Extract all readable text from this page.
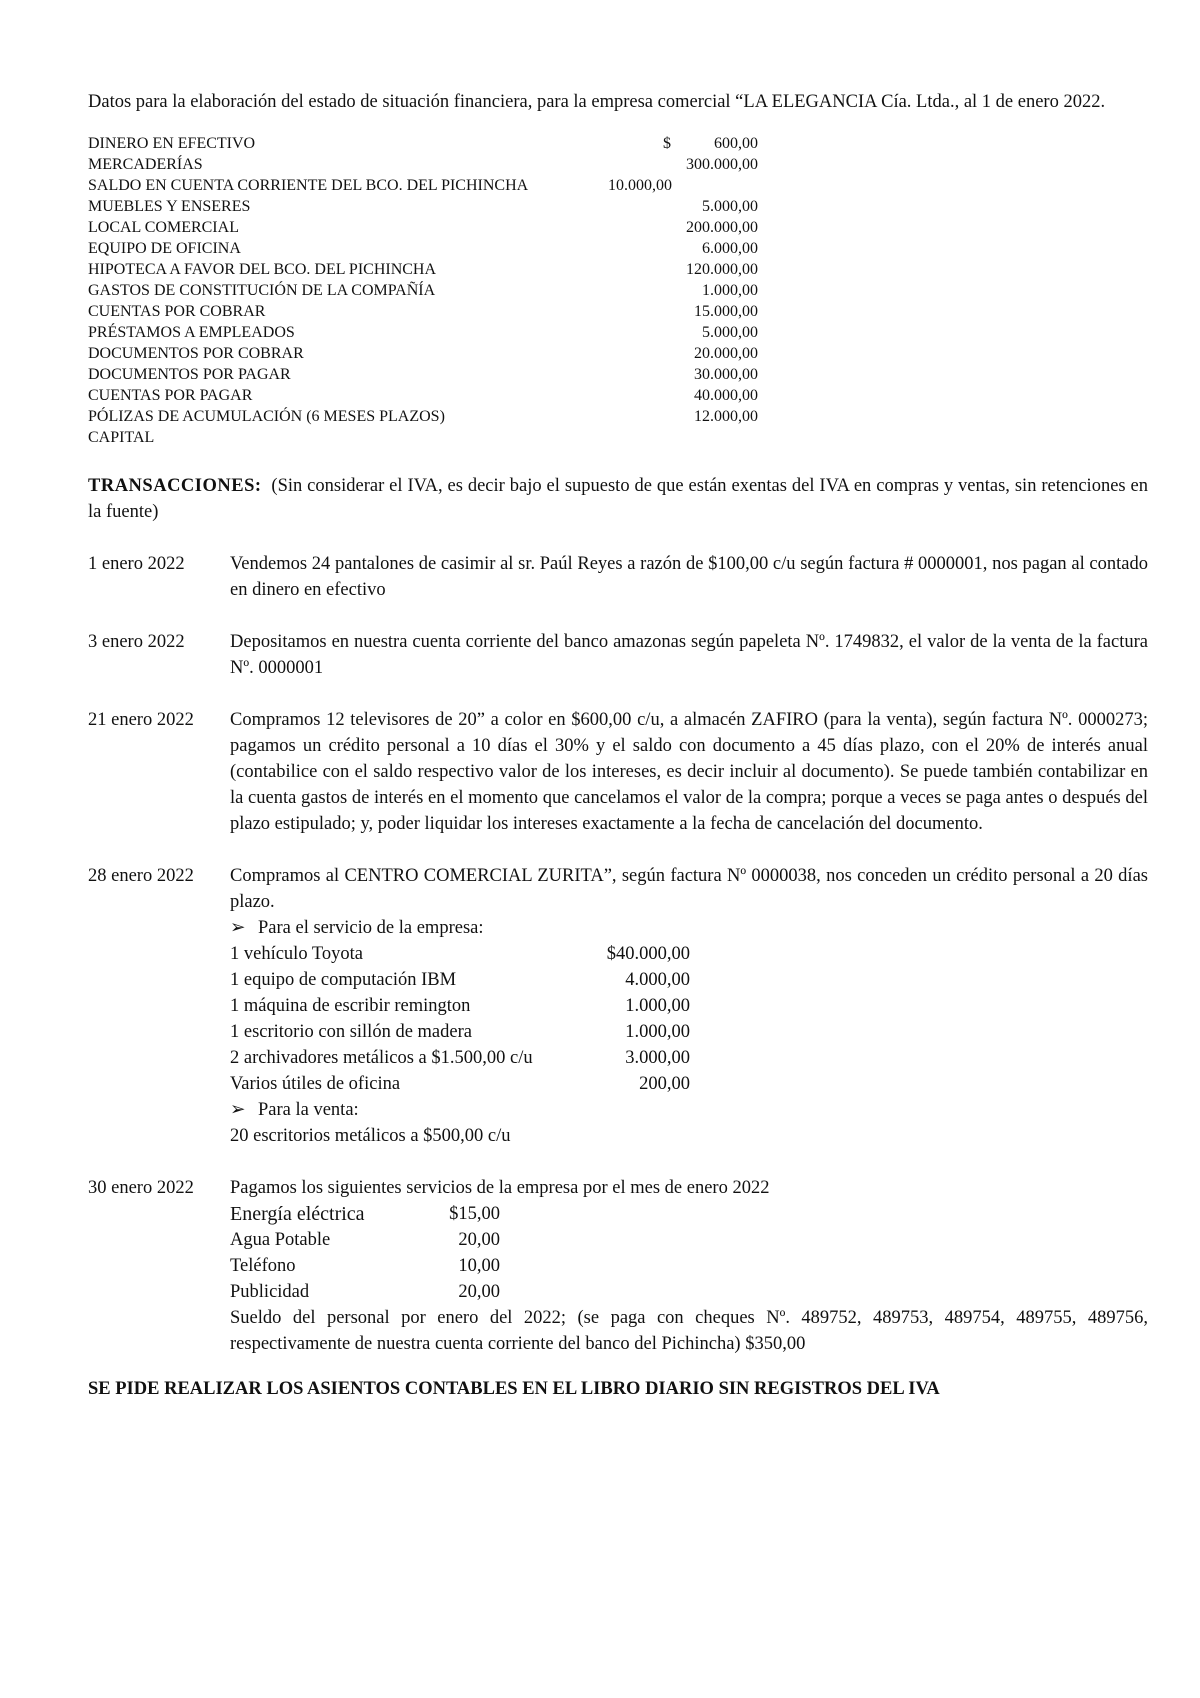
Datos para la elaboración del estado de situación financiera, para la empresa comercial “LA ELEGANCIA Cía. Ltda., al 1 de enero 2022.

DINERO EN EFECTIVO	$	600,00
MERCADERÍAS	300.000,00
SALDO EN CUENTA CORRIENTE DEL BCO. DEL PICHINCHA	10.000,00
MUEBLES Y ENSERES	5.000,00
LOCAL COMERCIAL	200.000,00
EQUIPO DE OFICINA	6.000,00
HIPOTECA A FAVOR DEL BCO. DEL PICHINCHA	120.000,00
GASTOS DE CONSTITUCIÓN DE LA COMPAÑÍA	1.000,00
CUENTAS POR COBRAR	15.000,00
PRÉSTAMOS A EMPLEADOS	5.000,00
DOCUMENTOS POR COBRAR	20.000,00
DOCUMENTOS POR PAGAR	30.000,00
CUENTAS POR PAGAR	40.000,00
PÓLIZAS DE ACUMULACIÓN (6 MESES PLAZOS)	12.000,00
CAPITAL
TRANSACCIONES: (Sin considerar el IVA, es decir bajo el supuesto de que están exentas del IVA en compras y ventas, sin retenciones en la fuente)
1 enero 2022 Vendemos 24 pantalones de casimir al sr. Paúl Reyes a razón de $100,00 c/u según factura # 0000001, nos pagan al contado en dinero en efectivo
3 enero 2022 Depositamos en nuestra cuenta corriente del banco amazonas según papeleta Nº. 1749832, el valor de la venta de la factura Nº. 0000001
21 enero 2022 Compramos 12 televisores de 20” a color en $600,00 c/u, a almacén ZAFIRO (para la venta), según factura Nº. 0000273; pagamos un crédito personal a 10 días el 30% y el saldo con documento a 45 días plazo, con el 20% de interés anual (contabilice con el saldo respectivo valor de los intereses, es decir incluir al documento). Se puede también contabilizar en la cuenta gastos de interés en el momento que cancelamos el valor de la compra; porque a veces se paga antes o después del plazo estipulado; y, poder liquidar los intereses exactamente a la fecha de cancelación del documento.
28 enero 2022 Compramos al CENTRO COMERCIAL ZURITA”, según factura Nº 0000038, nos conceden un crédito personal a 20 días plazo.
➢ Para el servicio de la empresa:
1 vehículo Toyota	$40.000,00
1 equipo de computación IBM	4.000,00
1 máquina de escribir remington	1.000,00
1 escritorio con sillón de madera	1.000,00
2 archivadores metálicos a $1.500,00 c/u	3.000,00
Varios útiles de oficina	200,00
➢ Para la venta:
20 escritorios metálicos a $500,00 c/u
30 enero 2022 Pagamos los siguientes servicios de la empresa por el mes de enero 2022
Energía eléctrica	$15,00
Agua Potable	20,00
Teléfono	10,00
Publicidad	20,00
Sueldo del personal por enero del 2022; (se paga con cheques Nº. 489752, 489753, 489754, 489755, 489756, respectivamente de nuestra cuenta corriente del banco del Pichincha) $350,00
SE PIDE REALIZAR LOS ASIENTOS CONTABLES EN EL LIBRO DIARIO SIN REGISTROS DEL IVA
